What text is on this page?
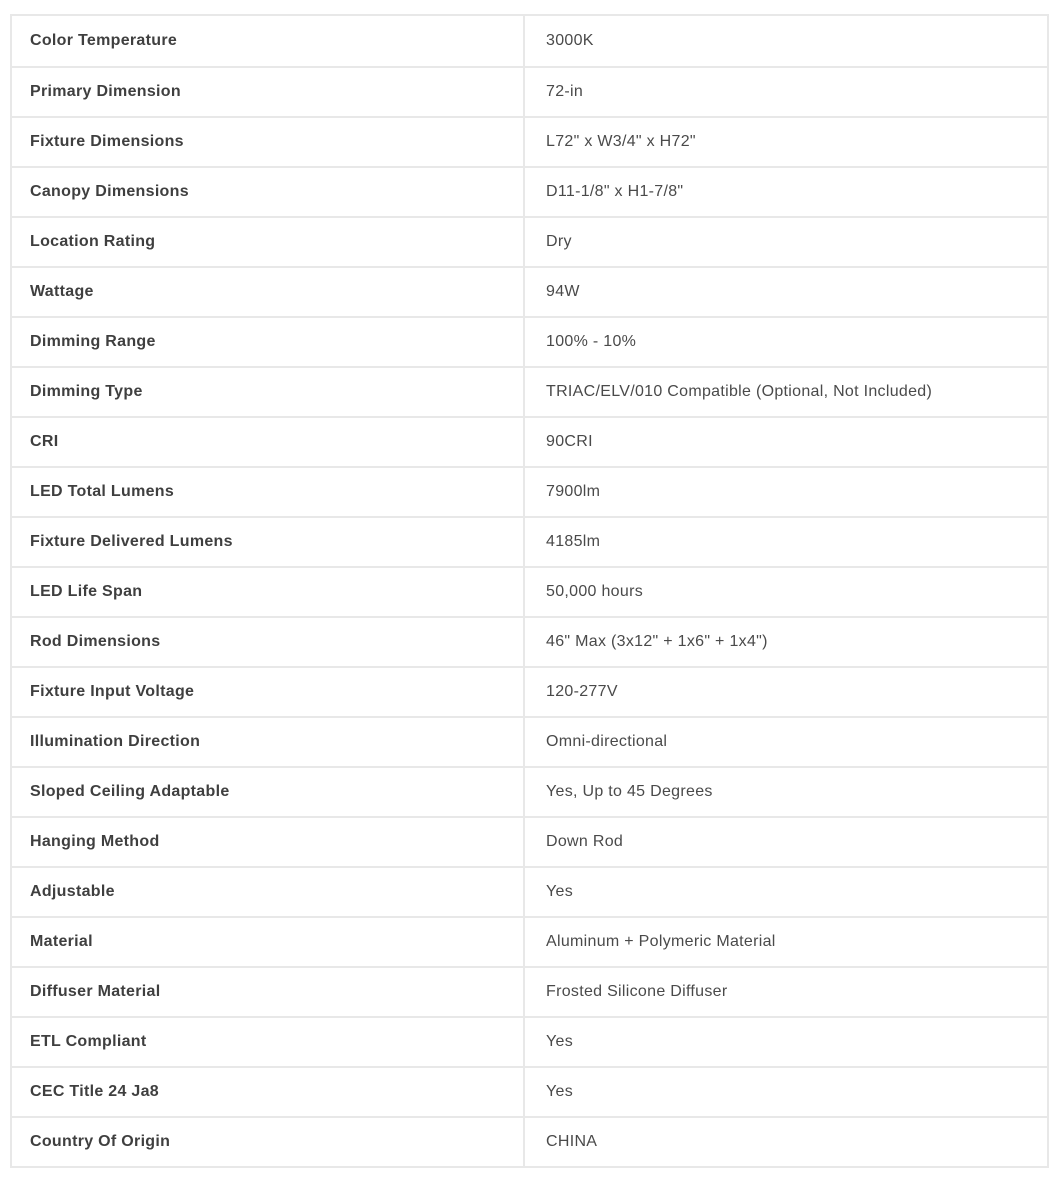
Color Temperature	3000K
Primary Dimension	72-in
Fixture Dimensions	L72" x W3/4" x H72"
Canopy Dimensions	D11-1/8" x H1-7/8"
Location Rating	Dry
Wattage	94W
Dimming Range	100% - 10%
Dimming Type	TRIAC/ELV/010 Compatible (Optional, Not Included)
CRI	90CRI
LED Total Lumens	7900lm
Fixture Delivered Lumens	4185lm
LED Life Span	50,000 hours
Rod Dimensions	46" Max (3x12" + 1x6" + 1x4")
Fixture Input Voltage	120-277V
Illumination Direction	Omni-directional
Sloped Ceiling Adaptable	Yes, Up to 45 Degrees
Hanging Method	Down Rod
Adjustable	Yes
Material	Aluminum + Polymeric Material
Diffuser Material	Frosted Silicone Diffuser
ETL Compliant	Yes
CEC Title 24 Ja8	Yes
Country Of Origin	CHINA
